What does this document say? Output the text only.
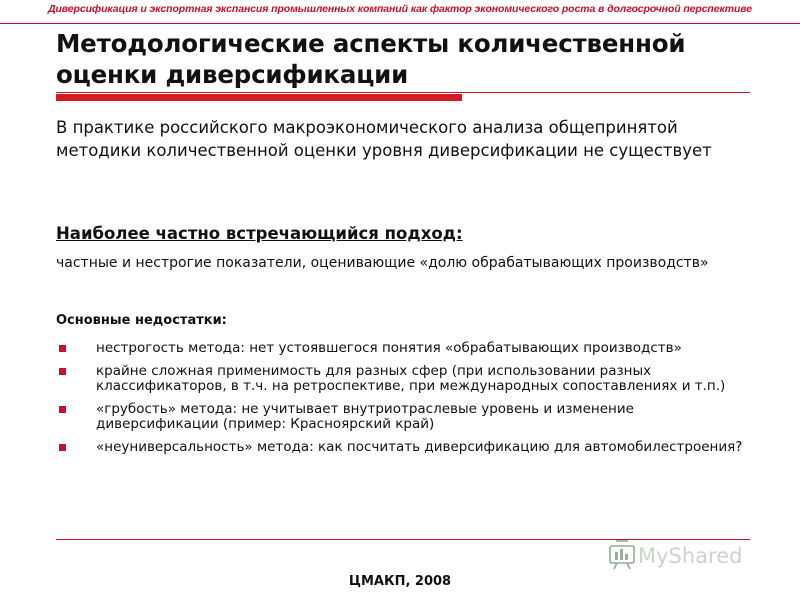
Диверсификация и экспортная экспансия промышленных компаний как фактор экономического роста в долгосрочной перспективе
Методологические аспекты количественной оценки диверсификации

В практике российского макроэкономического анализа общепринятой методики количественной оценки уровня диверсификации не существует

Наиболее частно встречающийся подход:

частные и нестрогие показатели, оценивающие «долю обрабатывающих производств»

Основные недостатки:
нестрогость метода: нет устоявшегося понятия «обрабатывающих производств»
крайне сложная применимость для разных сфер (при использовании разных классификаторов, в т.ч. на ретроспективе, при международных сопоставлениях и т.п.)
«грубость» метода: не учитывает внутриотраслевые уровень и изменение диверсификации (пример: Красноярский край)
«неуниверсальность» метода: как посчитать диверсификацию для автомобилестроения?
MyShared

ЦМАКП, 2008
